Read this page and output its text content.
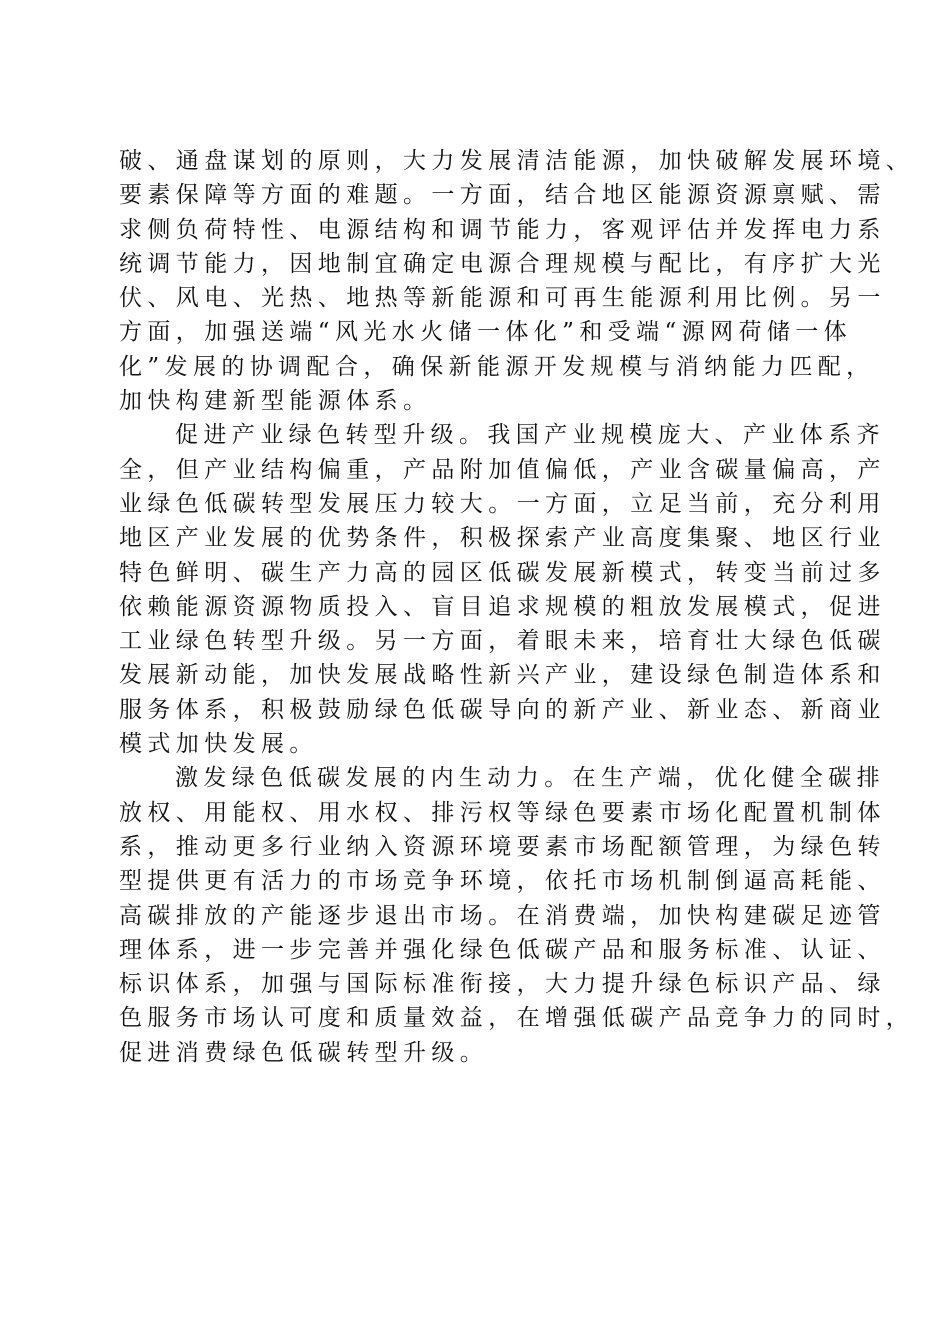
破、通盘谋划的原则，大力发展清洁能源，加快破解发展环境、
要素保障等方面的难题。一方面，结合地区能源资源禀赋、需
求侧负荷特性、电源结构和调节能力，客观评估并发挥电力系
统调节能力，因地制宜确定电源合理规模与配比，有序扩大光
伏、风电、光热、地热等新能源和可再生能源利用比例。另一
方面，加强送端“风光水火储一体化”和受端“源网荷储一体
化”发展的协调配合，确保新能源开发规模与消纳能力匹配，
加快构建新型能源体系。
促进产业绿色转型升级。我国产业规模庞大、产业体系齐
全，但产业结构偏重，产品附加值偏低，产业含碳量偏高，产
业绿色低碳转型发展压力较大。一方面，立足当前，充分利用
地区产业发展的优势条件，积极探索产业高度集聚、地区行业
特色鲜明、碳生产力高的园区低碳发展新模式，转变当前过多
依赖能源资源物质投入、盲目追求规模的粗放发展模式，促进
工业绿色转型升级。另一方面，着眼未来，培育壮大绿色低碳
发展新动能，加快发展战略性新兴产业，建设绿色制造体系和
服务体系，积极鼓励绿色低碳导向的新产业、新业态、新商业
模式加快发展。
激发绿色低碳发展的内生动力。在生产端，优化健全碳排
放权、用能权、用水权、排污权等绿色要素市场化配置机制体
系，推动更多行业纳入资源环境要素市场配额管理，为绿色转
型提供更有活力的市场竞争环境，依托市场机制倒逼高耗能、
高碳排放的产能逐步退出市场。在消费端，加快构建碳足迹管
理体系，进一步完善并强化绿色低碳产品和服务标准、认证、
标识体系，加强与国际标准衔接，大力提升绿色标识产品、绿
色服务市场认可度和质量效益，在增强低碳产品竞争力的同时，
促进消费绿色低碳转型升级。
